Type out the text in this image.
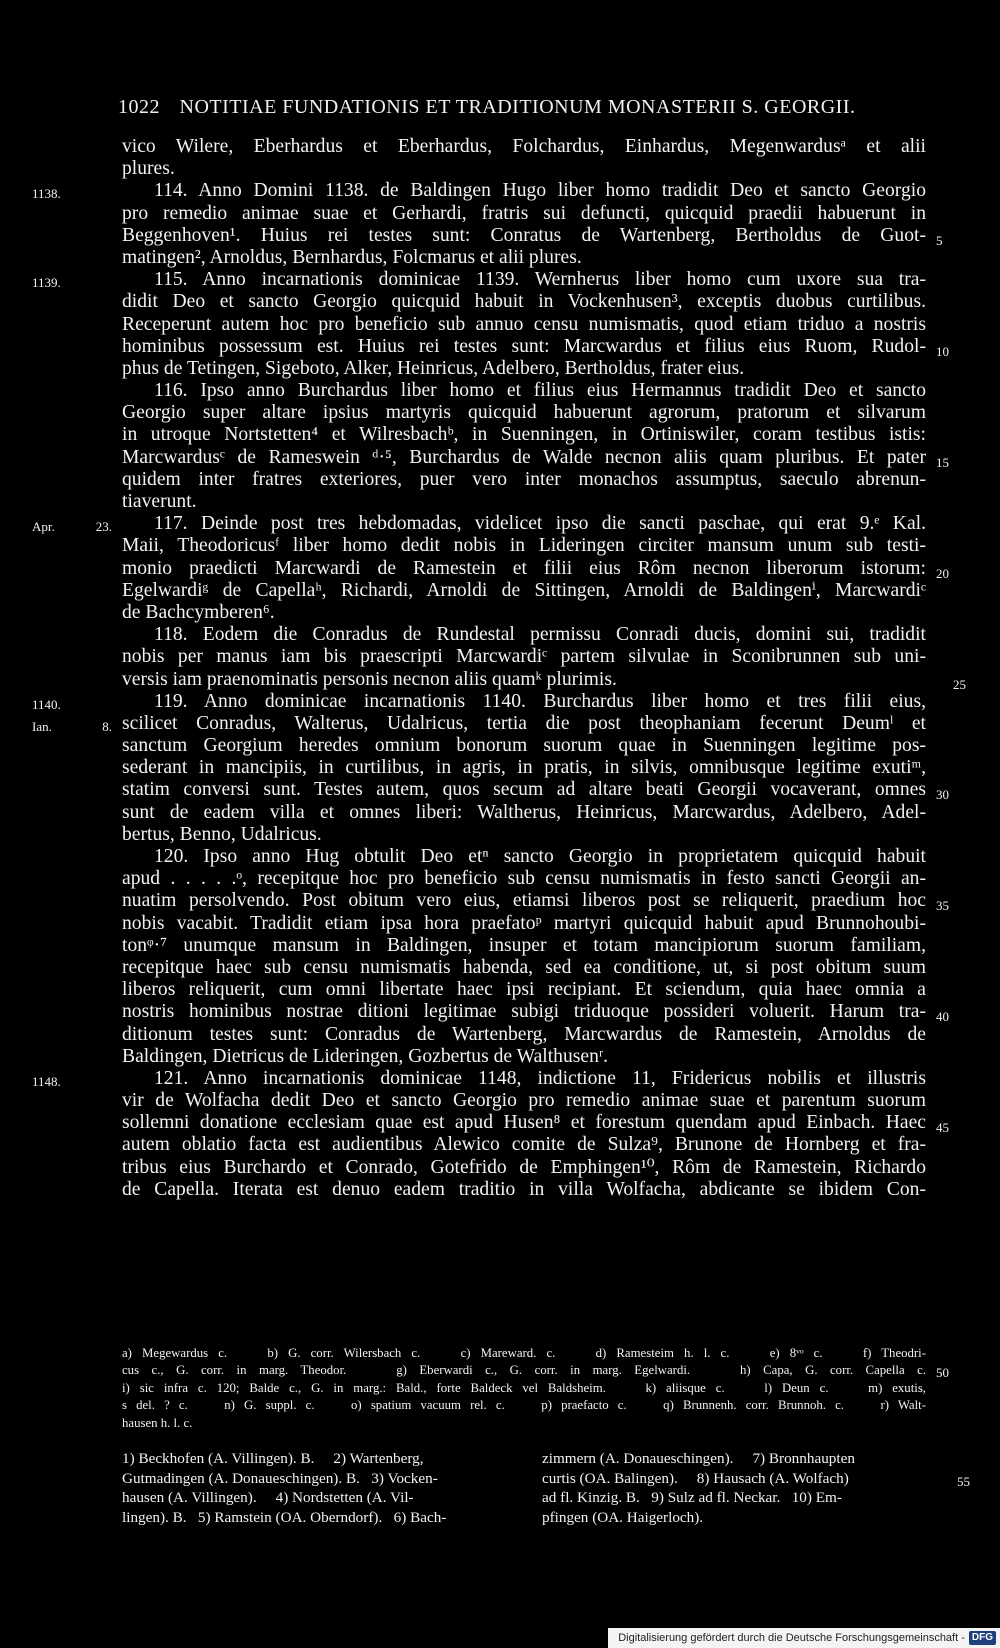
1022 NOTITIAE FUNDATIONIS ET TRADITIONUM MONASTERII S. GEORGII.
vico Wilere, Eberhardus et Eberhardus, Folchardus, Einhardus, Megenwardusᵃ et alii
plures.
114. Anno Domini 1138. de Baldingen Hugo liber homo tradidit Deo et sancto Georgio
1138.
pro remedio animae suae et Gerhardi, fratris sui defuncti, quicquid praedii habuerunt in
Beggenhoven¹. Huius rei testes sunt: Conratus de Wartenberg, Bertholdus de Guot- 5
matingen², Arnoldus, Bernhardus, Folcmarus et alii plures.
115. Anno incarnationis dominicae 1139. Wernherus liber homo cum uxore sua tra-
1139.
didit Deo et sancto Georgio quicquid habuit in Vockenhusen³, exceptis duobus curtilibus.
Receperunt autem hoc pro beneficio sub annuo censu numismatis, quod etiam triduo a nostris
hominibus possessum est. Huius rei testes sunt: Marcwardus et filius eius Ruom, Rudol- 10
phus de Tetingen, Sigeboto, Alker, Heinricus, Adelbero, Bertholdus, frater eius.
116. Ipso anno Burchardus liber homo et filius eius Hermannus tradidit Deo et sancto
Georgio super altare ipsius martyris quicquid habuerunt agrorum, pratorum et silvarum
in utroque Nortstetten⁴ et Wilresbachᵇ, in Suenningen, in Ortiniswiler, coram testibus istis:
Marcwardusᶜ de Rameswein ᵈ·⁵, Burchardus de Walde necnon aliis quam pluribus. Et pater 15
quidem inter fratres exteriores, puer vero inter monachos assumptus, saeculo abrenun-
tiaverunt.
117. Deinde post tres hebdomadas, videlicet ipso die sancti paschae, qui erat 9.ᵉ Kal.
Apr. 23.
Maii, Theodoricusᶠ liber homo dedit nobis in Lideringen circiter mansum unum sub testi-
monio praedicti Marcwardi de Ramestein et filii eius Rôm necnon liberorum istorum: 20
Egelwardiᵍ de Capellaʰ, Richardi, Arnoldi de Sittingen, Arnoldi de Baldingenⁱ, Marcwardiᶜ
de Bachcymberen⁶.
118. Eodem die Conradus de Rundestal permissu Conradi ducis, domini sui, tradidit
nobis per manus iam bis praescripti Marcwardiᶜ partem silvulae in Sconibrunnen sub uni-
versis iam praenominatis personis necnon aliis quamᵏ plurimis.	25
119. Anno dominicae incarnationis 1140. Burchardus liber homo et tres filii eius,
1140.
scilicet Conradus, Walterus, Udalricus, tertia die post theophaniam fecerunt Deumˡ et
Ian. 8.
sanctum Georgium heredes omnium bonorum suorum quae in Suenningen legitime pos-
sederant in mancipiis, in curtilibus, in agris, in pratis, in silvis, omnibusque legitime exutiᵐ,
statim conversi sunt. Testes autem, quos secum ad altare beati Georgii vocaverant, omnes 30
sunt de eadem villa et omnes liberi: Waltherus, Heinricus, Marcwardus, Adelbero, Adel-
bertus, Benno, Udalricus.
120. Ipso anno Hug obtulit Deo etⁿ sancto Georgio in proprietatem quicquid habuit
apud . . . . .ᵒ, recepitque hoc pro beneficio sub censu numismatis in festo sancti Georgii an-
nuatim persolvendo. Post obitum vero eius, etiamsi liberos post se reliquerit, praedium hoc 35
nobis vacabit. Tradidit etiam ipsa hora praefatoᵖ martyri quicquid habuit apud Brunnohoubi-
tonᵠ·⁷ unumque mansum in Baldingen, insuper et totam mancipiorum suorum familiam,
recepitque haec sub censu numismatis habenda, sed ea conditione, ut, si post obitum suum
liberos reliquerit, cum omni libertate haec ipsi recipiant. Et sciendum, quia haec omnia a
nostris hominibus nostrae ditioni legitimae subigi triduoque possideri voluerit. Harum tra- 40
ditionum testes sunt: Conradus de Wartenberg, Marcwardus de Ramestein, Arnoldus de
Baldingen, Dietricus de Lideringen, Gozbertus de Walthusenʳ.
121. Anno incarnationis dominicae 1148, indictione 11, Fridericus nobilis et illustris
1148.
vir de Wolfacha dedit Deo et sancto Georgio pro remedio animae suae et parentum suorum
sollemni donatione ecclesiam quae est apud Husen⁸ et forestum quendam apud Einbach. Haec 45
autem oblatio facta est audientibus Alewico comite de Sulza⁹, Brunone de Hornberg et fra-
tribus eius Burchardo et Conrado, Gotefrido de Emphingen¹⁰, Rôm de Ramestein, Richardo
de Capella. Iterata est denuo eadem traditio in villa Wolfacha, abdicante se ibidem Con-
a) Megewardus c.    b) G. corr. Wilersbach c.    c) Mareward. c.    d) Ramesteim h. l. c.    e) 8ᵛᵒ c.    f) Theodri-
cus c., G. corr. in marg. Theodor.    g) Eberwardi c., G. corr. in marg. Egelwardi.    h) Capa, G. corr. Capella c. 50
i) sic infra c. 120; Balde c., G. in marg.: Bald., forte Baldeck vel Baldsheim.    k) aliisque c.    l) Deun c.    m) exutis,
s del. ? c.    n) G. suppl. c.    o) spatium vacuum rel. c.    p) praefacto c.    q) Brunnenh. corr. Brunnoh. c.    r) Walt-
hausen h. l. c.
1) Beckhofen (A. Villingen). B.     2) Wartenberg,
Gutmadingen (A. Donaueschingen). B.   3) Vocken-
hausen (A. Villingen).     4) Nordstetten (A. Vil-
lingen). B.   5) Ramstein (OA. Oberndorf).   6) Bach-
zimmern (A. Donaueschingen).     7) Bronnhaupten
curtis (OA. Balingen).     8) Hausach (A. Wolfach)	55
ad fl. Kinzig. B.   9) Sulz ad fl. Neckar.   10) Em-
pfingen (OA. Haigerloch).
Digitalisierung gefördert durch die Deutsche Forschungsgemeinschaft - DFG
